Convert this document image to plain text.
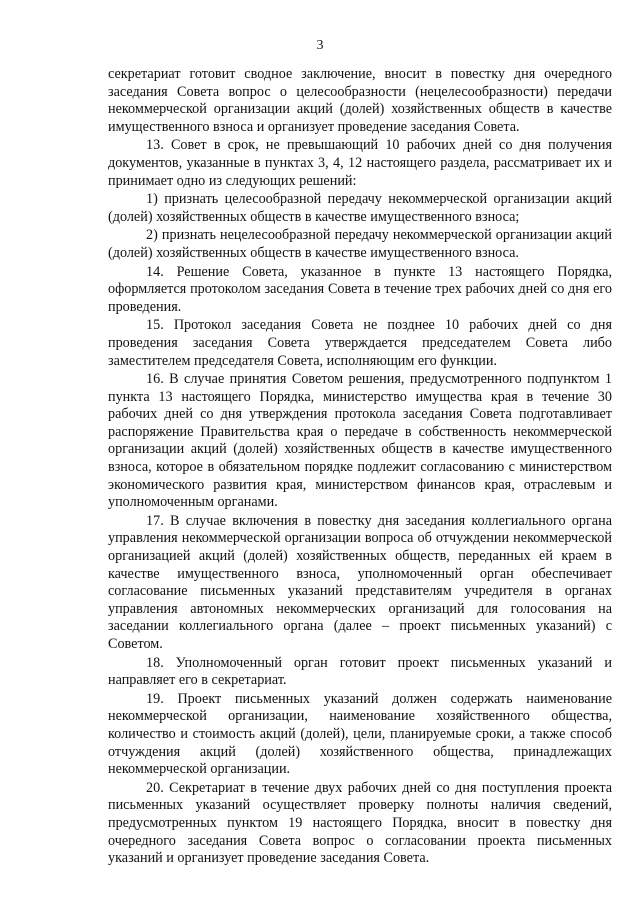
3

секретариат готовит сводное заключение, вносит в повестку дня очередного заседания Совета вопрос о целесообразности (нецелесообразности) передачи некоммерческой организации акций (долей) хозяйственных обществ в качестве имущественного взноса и организует проведение заседания Совета.

13. Совет в срок, не превышающий 10 рабочих дней со дня получения документов, указанные в пунктах 3, 4, 12 настоящего раздела, рассматривает их и принимает одно из следующих решений:

1) признать целесообразной передачу некоммерческой организации акций (долей) хозяйственных обществ в качестве имущественного взноса;

2) признать нецелесообразной передачу некоммерческой организации акций (долей) хозяйственных обществ в качестве имущественного взноса.

14. Решение Совета, указанное в пункте 13 настоящего Порядка, оформляется протоколом заседания Совета в течение трех рабочих дней со дня его проведения.

15. Протокол заседания Совета не позднее 10 рабочих дней со дня проведения заседания Совета утверждается председателем Совета либо заместителем председателя Совета, исполняющим его функции.

16. В случае принятия Советом решения, предусмотренного подпунктом 1 пункта 13 настоящего Порядка, министерство имущества края в течение 30 рабочих дней со дня утверждения протокола заседания Совета подготавливает распоряжение Правительства края о передаче в собственность некоммерческой организации акций (долей) хозяйственных обществ в качестве имущественного взноса, которое в обязательном порядке подлежит согласованию с министерством экономического развития края, министерством финансов края, отраслевым и уполномоченным органами.

17. В случае включения в повестку дня заседания коллегиального органа управления некоммерческой организации вопроса об отчуждении некоммерческой организацией акций (долей) хозяйственных обществ, переданных ей краем в качестве имущественного взноса, уполномоченный орган обеспечивает согласование письменных указаний представителям учредителя в органах управления автономных некоммерческих организаций для голосования на заседании коллегиального органа (далее – проект письменных указаний) с Советом.

18. Уполномоченный орган готовит проект письменных указаний и направляет его в секретариат.

19. Проект письменных указаний должен содержать наименование некоммерческой организации, наименование хозяйственного общества, количество и стоимость акций (долей), цели, планируемые сроки, а также способ отчуждения акций (долей) хозяйственного общества, принадлежащих некоммерческой организации.

20. Секретариат в течение двух рабочих дней со дня поступления проекта письменных указаний осуществляет проверку полноты наличия сведений, предусмотренных пунктом 19 настоящего Порядка, вносит в повестку дня очередного заседания Совета вопрос о согласовании проекта письменных указаний и организует проведение заседания Совета.
